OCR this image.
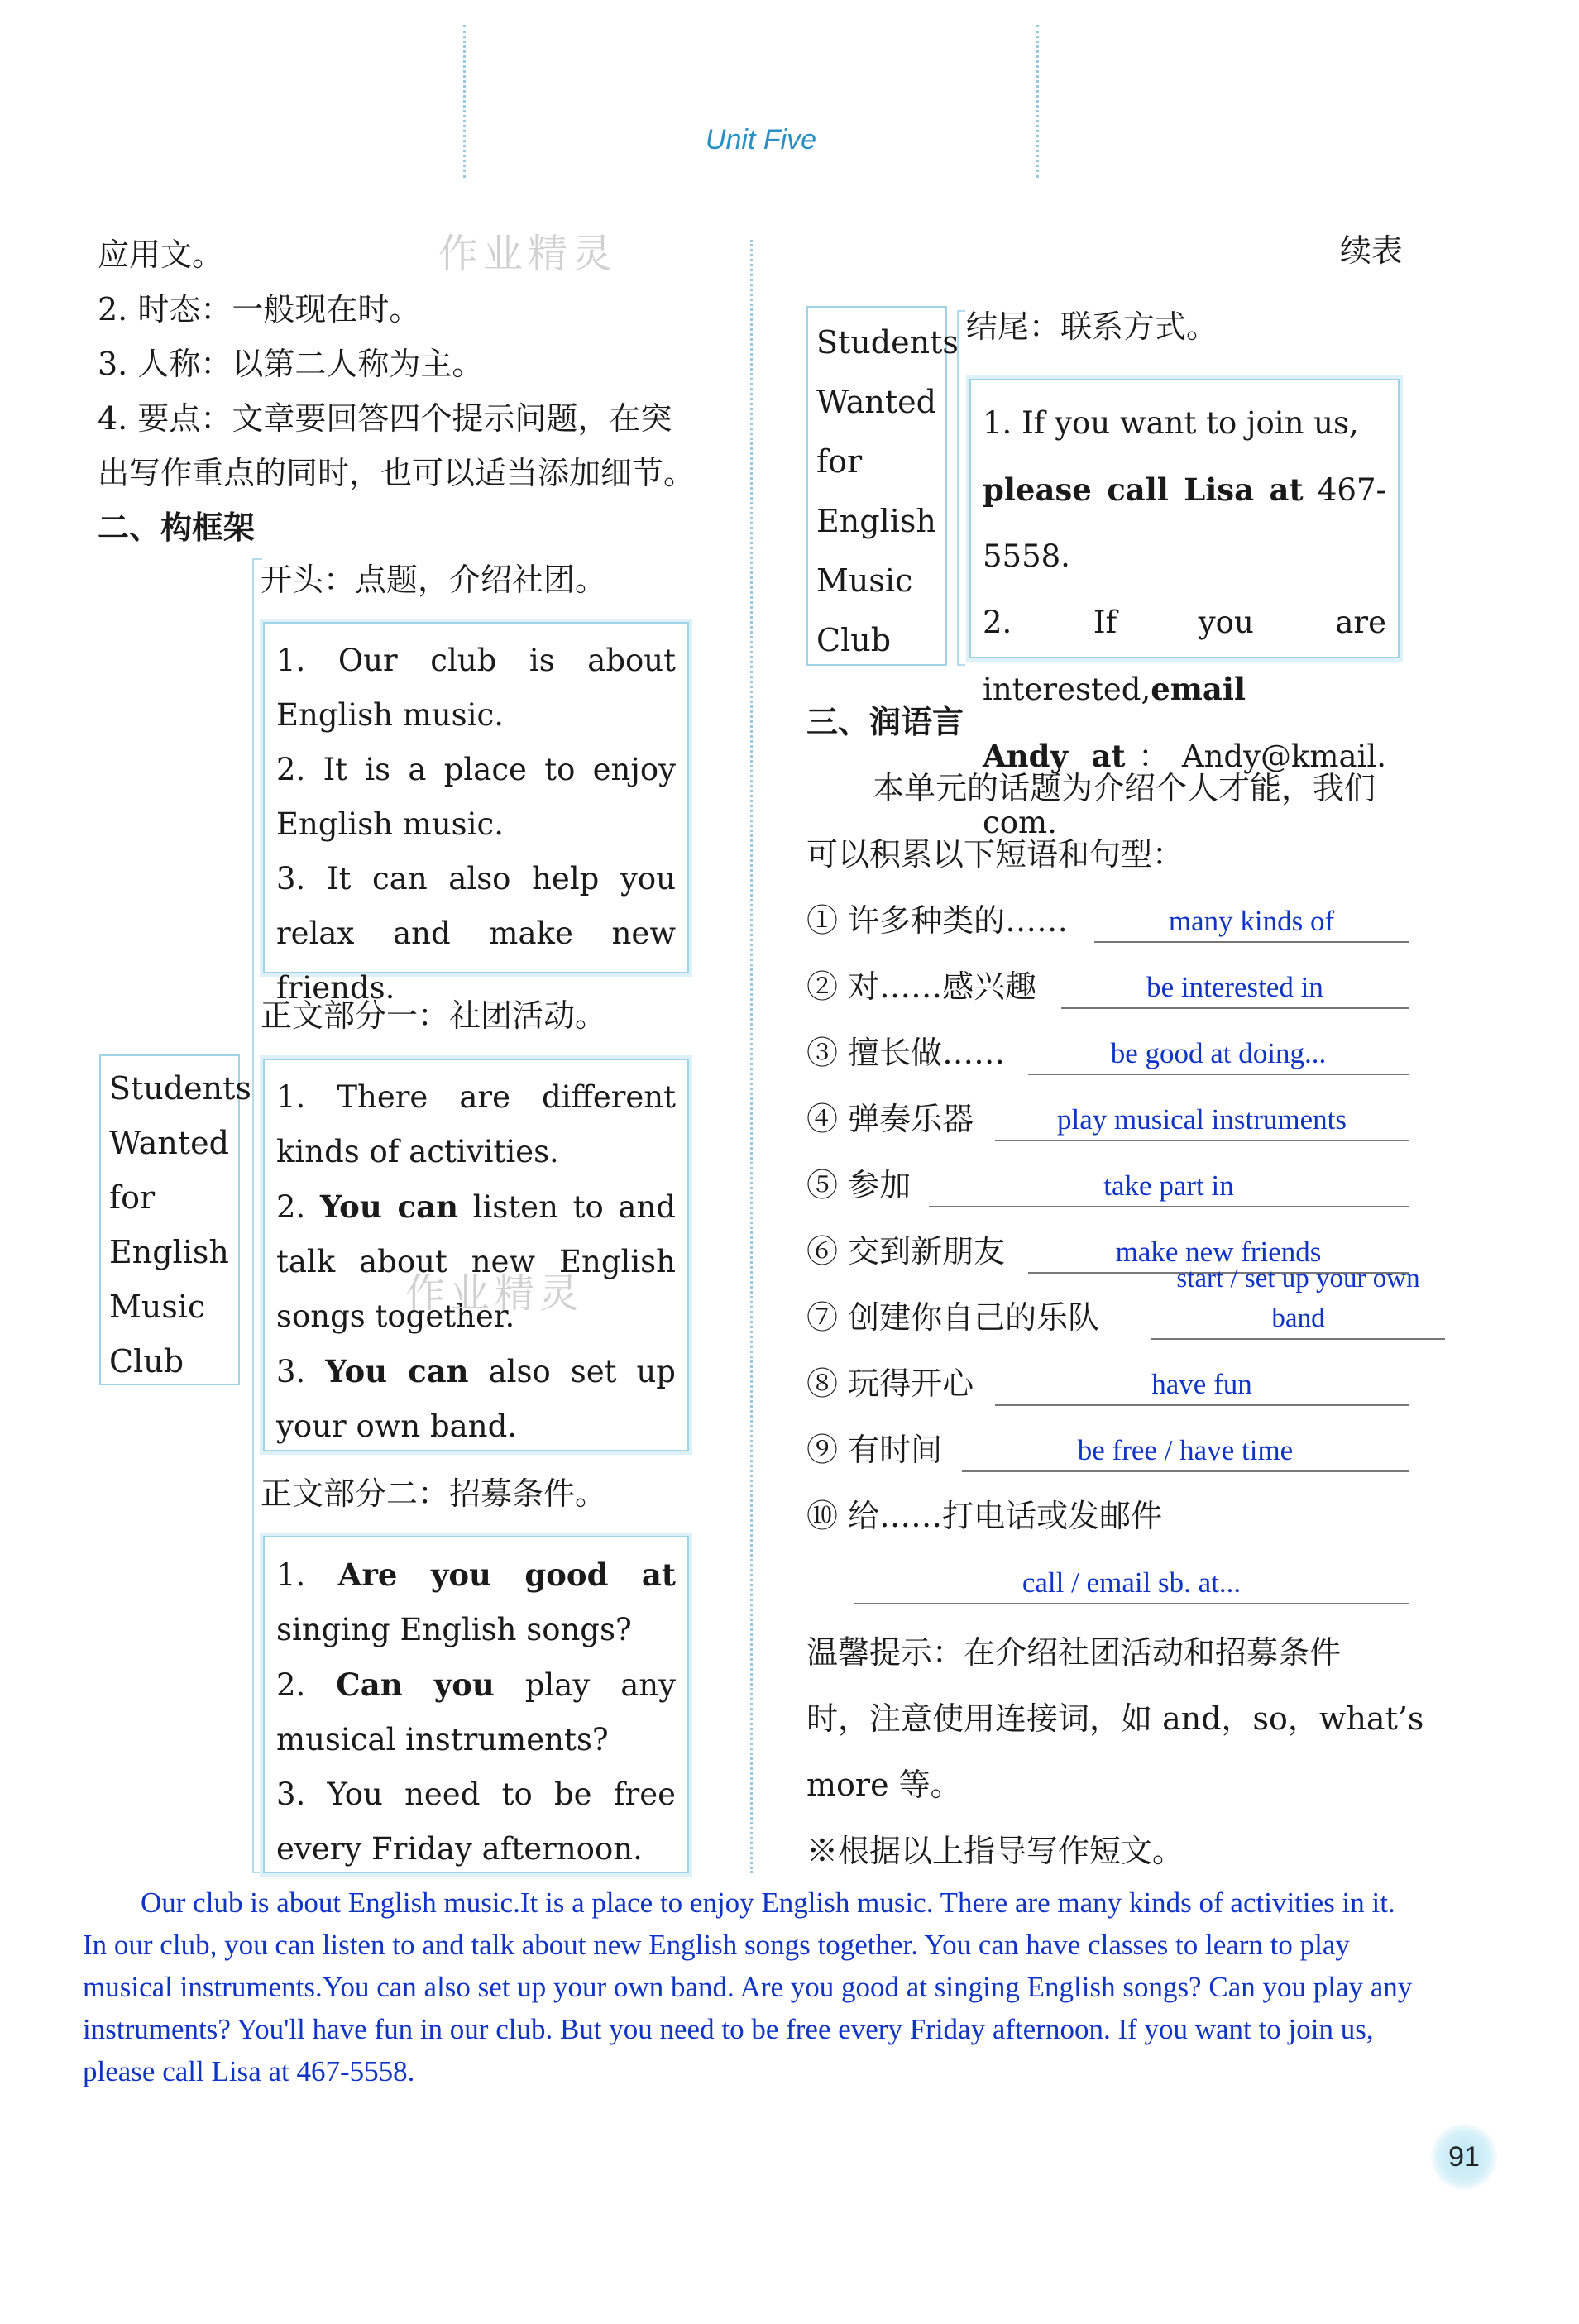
Unit Five
应用文。
2. 时态：一般现在时。
3. 人称：以第二人称为主。
4. 要点：文章要回答四个提示问题，在突
出写作重点的同时，也可以适当添加细节。
二、构框架
Students
Wanted
for
English
Music
Club
开头：点题，介绍社团。

1. Our club is about English music.

2. It is a place to enjoy English music.

3. It can also help you relax and make new friends.

正文部分一：社团活动。

1. There are different kinds of activities.

2. You can listen to and talk about new English songs together.

3. You can also set up your own band.

正文部分二：招募条件。

1. Are you good at singing English songs?

2. Can you play any musical instruments?

3. You need to be free every Friday afternoon.

续表
Students
Wanted
for
English
Music
Club
结尾：联系方式。

1. If you want to join us,

please call Lisa at 467-5558.

2. If you are interested,email

Andy at：Andy@kmail. com.

三、润语言
本单元的话题为介绍个人才能，我们
可以积累以下短语和句型：
① 许多种类的……	many kinds of
② 对……感兴趣	be interested in
③ 擅长做……	be good at doing...
④ 弹奏乐器	play musical instruments
⑤ 参加	take part in
⑥ 交到新朋友	make new friends
⑦ 创建你自己的乐队
start / set up your own band
⑧ 玩得开心	have fun
⑨ 有时间	be free / have time
⑩ 给……打电话或发邮件
call / email sb. at...
温馨提示：在介绍社团活动和招募条件
时，注意使用连接词，如 and，so，what’s
more 等。
※根据以上指导写作短文。
Our club is about English music.It is a place to enjoy English music. There are many kinds of activities in it.
In our club, you can listen to and talk about new English songs together. You can have classes to learn to play
musical instruments.You can also set up your own band. Are you good at singing English songs? Can you play any
instruments? You'll have fun in our club. But you need to be free every Friday afternoon. If you want to join us,
please call Lisa at 467-5558.
作业精灵
作业精灵
91
